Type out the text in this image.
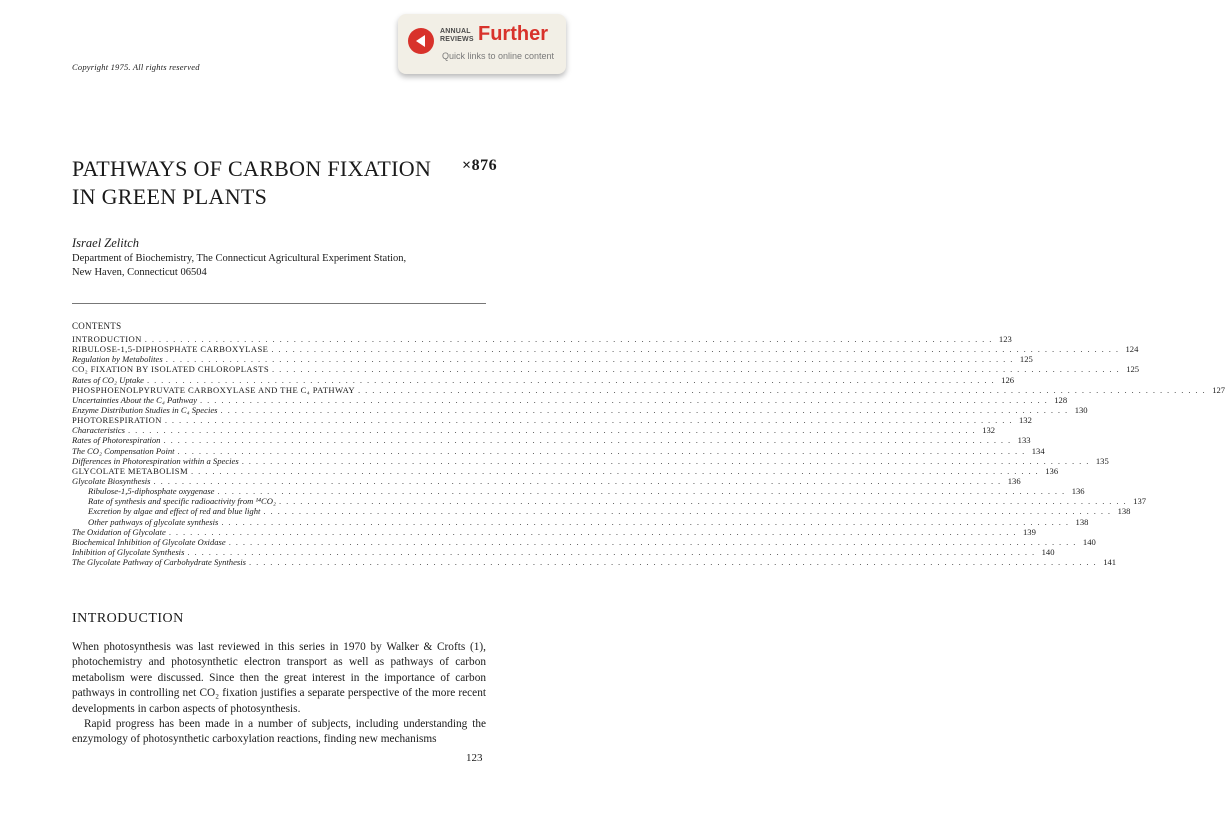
Copyright 1975. All rights reserved
ANNUAL
REVIEWS Further
Quick links to online content
PATHWAYS OF CARBON FIXATION
IN GREEN PLANTS
×876
Israel Zelitch
Department of Biochemistry, The Connecticut Agricultural Experiment Station,
New Haven, Connecticut 06504
CONTENTS
INTRODUCTION . . . . . . . . . . . . . . . . . . . . . . . . . . . . . . . . . . . . . . . . . . . . . . . . . . . . . . . . . . . . . . . . . . . . . . . . . . . . . . . . . . . . . . . . . . . . . . . . . . . . . . . . . . . . . . . . . . . . . . . . 123
RIBULOSE-1,5-DIPHOSPHATE CARBOXYLASE . . . . . . . . . . . . . . . . . . . . . . . . . . . . . . . . . . . . . . . . . . . . . . . . . . . . . . . . . . . . . . . . . . . . . . . . . . . . . . . . . . . . . . . . . . . . . . . . . . . . . . . . . . . . . . . . . . . . . . . . 124
Regulation by Metabolites . . . . . . . . . . . . . . . . . . . . . . . . . . . . . . . . . . . . . . . . . . . . . . . . . . . . . . . . . . . . . . . . . . . . . . . . . . . . . . . . . . . . . . . . . . . . . . . . . . . . . . . . . . . . . . . . . . . . . . . . 125
CO₂ FIXATION BY ISOLATED CHLOROPLASTS . . . . . . . . . . . . . . . . . . . . . . . . . . . . . . . . . . . . . . . . . . . . . . . . . . . . . . . . . . . . . . . . . . . . . . . . . . . . . . . . . . . . . . . . . . . . . . . . . . . . . . . . . . . . . . . . . . . . . . . . 125
Rates of CO₂ Uptake . . . . . . . . . . . . . . . . . . . . . . . . . . . . . . . . . . . . . . . . . . . . . . . . . . . . . . . . . . . . . . . . . . . . . . . . . . . . . . . . . . . . . . . . . . . . . . . . . . . . . . . . . . . . . . . . . . . . . . . . 126
PHOSPHOENOLPYRUVATE CARBOXYLASE AND THE C₄ PATHWAY . . . . . . . . . . . . . . . . . . . . . . . . . . . . . . . . . . . . . . . . . . . . . . . . . . . . . . . . . . . . . . . . . . . . . . . . . . . . . . . . . . . . . . . . . . . . . . . . . . . . . . . . . . . . . . . . . . . . . . . . 127
Uncertainties About the C₄ Pathway . . . . . . . . . . . . . . . . . . . . . . . . . . . . . . . . . . . . . . . . . . . . . . . . . . . . . . . . . . . . . . . . . . . . . . . . . . . . . . . . . . . . . . . . . . . . . . . . . . . . . . . . . . . . . . . . . . . . . . . . 128
Enzyme Distribution Studies in C₄ Species . . . . . . . . . . . . . . . . . . . . . . . . . . . . . . . . . . . . . . . . . . . . . . . . . . . . . . . . . . . . . . . . . . . . . . . . . . . . . . . . . . . . . . . . . . . . . . . . . . . . . . . . . . . . . . . . . . . . . . . . 130
PHOTORESPIRATION . . . . . . . . . . . . . . . . . . . . . . . . . . . . . . . . . . . . . . . . . . . . . . . . . . . . . . . . . . . . . . . . . . . . . . . . . . . . . . . . . . . . . . . . . . . . . . . . . . . . . . . . . . . . . . . . . . . . . . . . 132
Characteristics . . . . . . . . . . . . . . . . . . . . . . . . . . . . . . . . . . . . . . . . . . . . . . . . . . . . . . . . . . . . . . . . . . . . . . . . . . . . . . . . . . . . . . . . . . . . . . . . . . . . . . . . . . . . . . . . . . . . . . . . 132
Rates of Photorespiration . . . . . . . . . . . . . . . . . . . . . . . . . . . . . . . . . . . . . . . . . . . . . . . . . . . . . . . . . . . . . . . . . . . . . . . . . . . . . . . . . . . . . . . . . . . . . . . . . . . . . . . . . . . . . . . . . . . . . . . . 133
The CO₂ Compensation Point . . . . . . . . . . . . . . . . . . . . . . . . . . . . . . . . . . . . . . . . . . . . . . . . . . . . . . . . . . . . . . . . . . . . . . . . . . . . . . . . . . . . . . . . . . . . . . . . . . . . . . . . . . . . . . . . . . . . . . . . 134
Differences in Photorespiration within a Species . . . . . . . . . . . . . . . . . . . . . . . . . . . . . . . . . . . . . . . . . . . . . . . . . . . . . . . . . . . . . . . . . . . . . . . . . . . . . . . . . . . . . . . . . . . . . . . . . . . . . . . . . . . . . . . . . . . . . . . . 135
GLYCOLATE METABOLISM . . . . . . . . . . . . . . . . . . . . . . . . . . . . . . . . . . . . . . . . . . . . . . . . . . . . . . . . . . . . . . . . . . . . . . . . . . . . . . . . . . . . . . . . . . . . . . . . . . . . . . . . . . . . . . . . . . . . . . . . 136
Glycolate Biosynthesis . . . . . . . . . . . . . . . . . . . . . . . . . . . . . . . . . . . . . . . . . . . . . . . . . . . . . . . . . . . . . . . . . . . . . . . . . . . . . . . . . . . . . . . . . . . . . . . . . . . . . . . . . . . . . . . . . . . . . . . . 136
Ribulose-1,5-diphosphate oxygenase . . . . . . . . . . . . . . . . . . . . . . . . . . . . . . . . . . . . . . . . . . . . . . . . . . . . . . . . . . . . . . . . . . . . . . . . . . . . . . . . . . . . . . . . . . . . . . . . . . . . . . . . . . . . . . . . . . . . . . . . 136
Rate of synthesis and specific radioactivity from ¹⁴CO₂ . . . . . . . . . . . . . . . . . . . . . . . . . . . . . . . . . . . . . . . . . . . . . . . . . . . . . . . . . . . . . . . . . . . . . . . . . . . . . . . . . . . . . . . . . . . . . . . . . . . . . . . . . . . . . . . . . . . . . . . . 137
Excretion by algae and effect of red and blue light . . . . . . . . . . . . . . . . . . . . . . . . . . . . . . . . . . . . . . . . . . . . . . . . . . . . . . . . . . . . . . . . . . . . . . . . . . . . . . . . . . . . . . . . . . . . . . . . . . . . . . . . . . . . . . . . . . . . . . . . 138
Other pathways of glycolate synthesis . . . . . . . . . . . . . . . . . . . . . . . . . . . . . . . . . . . . . . . . . . . . . . . . . . . . . . . . . . . . . . . . . . . . . . . . . . . . . . . . . . . . . . . . . . . . . . . . . . . . . . . . . . . . . . . . . . . . . . . . 138
The Oxidation of Glycolate . . . . . . . . . . . . . . . . . . . . . . . . . . . . . . . . . . . . . . . . . . . . . . . . . . . . . . . . . . . . . . . . . . . . . . . . . . . . . . . . . . . . . . . . . . . . . . . . . . . . . . . . . . . . . . . . . . . . . . . . 139
Biochemical Inhibition of Glycolate Oxidase . . . . . . . . . . . . . . . . . . . . . . . . . . . . . . . . . . . . . . . . . . . . . . . . . . . . . . . . . . . . . . . . . . . . . . . . . . . . . . . . . . . . . . . . . . . . . . . . . . . . . . . . . . . . . . . . . . . . . . . . 140
Inhibition of Glycolate Synthesis . . . . . . . . . . . . . . . . . . . . . . . . . . . . . . . . . . . . . . . . . . . . . . . . . . . . . . . . . . . . . . . . . . . . . . . . . . . . . . . . . . . . . . . . . . . . . . . . . . . . . . . . . . . . . . . . . . . . . . . . 140
The Glycolate Pathway of Carbohydrate Synthesis . . . . . . . . . . . . . . . . . . . . . . . . . . . . . . . . . . . . . . . . . . . . . . . . . . . . . . . . . . . . . . . . . . . . . . . . . . . . . . . . . . . . . . . . . . . . . . . . . . . . . . . . . . . . . . . . . . . . . . . . 141
INTRODUCTION

When photosynthesis was last reviewed in this series in 1970 by Walker & Crofts (1), photochemistry and photosynthetic electron transport as well as pathways of carbon metabolism were discussed. Since then the great interest in the importance of carbon pathways in controlling net CO₂ fixation justifies a separate perspective of the more recent developments in carbon aspects of photosynthesis.

Rapid progress has been made in a number of subjects, including understanding the enzymology of photosynthetic carboxylation reactions, finding new mechanisms

123
